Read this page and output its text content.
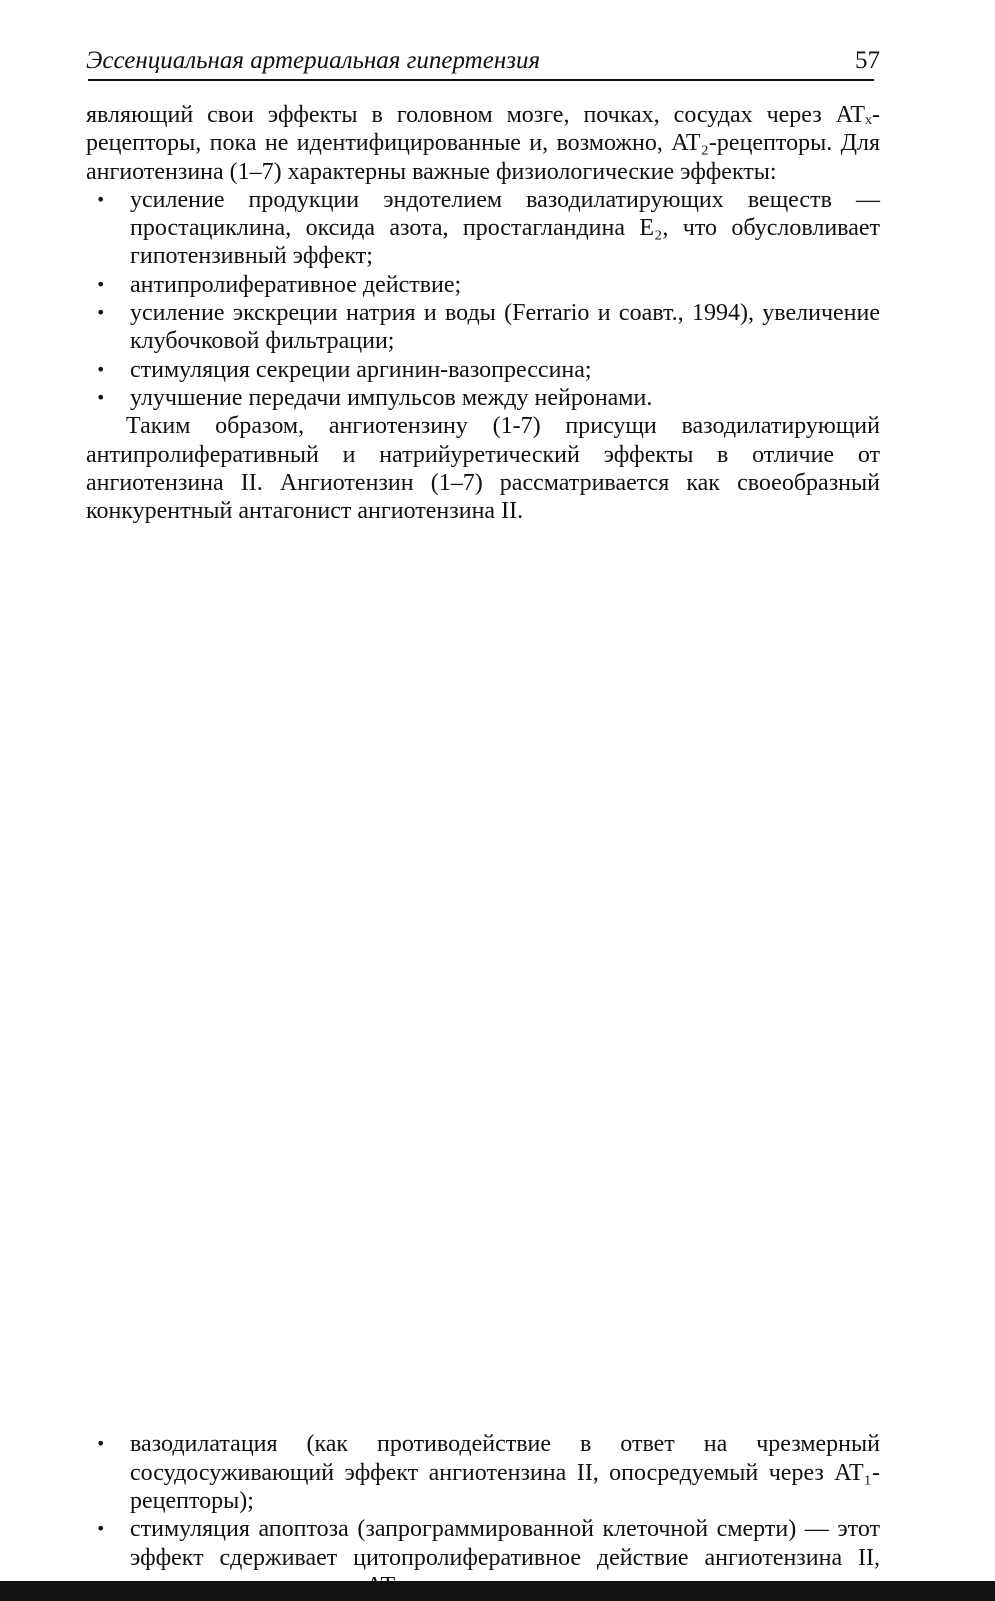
Эссенциальная артериальная гипертензия	57

являющий свои эффекты в головном мозге, почках, сосудах через ATₓ-рецепторы, пока не идентифицированные и, возможно, AT₂-рецепторы. Для ангиотензина (1–7) характерны важные физиологические эффекты:

• усиление продукции эндотелием вазодилатирующих веществ — простациклина, оксида азота, простагландина E₂, что обусловливает гипотензивный эффект;
• антипролиферативное действие;
• усиление экскреции натрия и воды (Ferrario и соавт., 1994), увеличение клубочковой фильтрации;
• стимуляция секреции аргинин-вазопрессина;
• улучшение передачи импульсов между нейронами.

Таким образом, ангиотензину (1-7) присущи вазодилатирующий антипролиферативный и натрийуретический эффекты в отличие от ангиотензина II. Ангиотензин (1–7) рассматривается как своеобразный конкурентный антагонист ангиотензина II.

• вазодилатация (как противодействие в ответ на чрезмерный сосудосуживающий эффект ангиотензина II, опосредуемый через AT₁-рецепторы);
• стимуляция апоптоза (запрограммированной клеточной смерти) — этот эффект сдерживает цитопролиферативное действие ангиотензина II,
